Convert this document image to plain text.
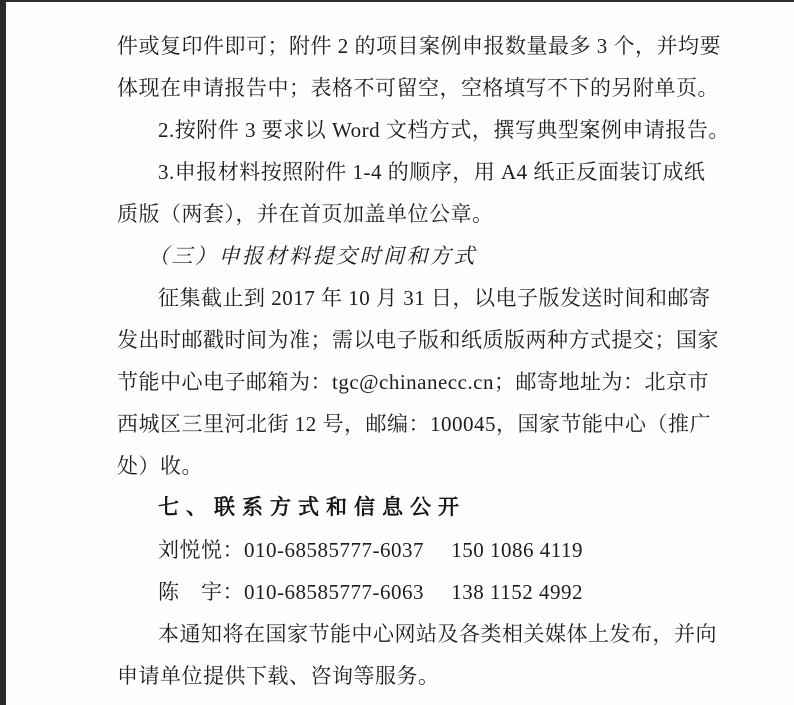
件或复印件即可；附件 2 的项目案例申报数量最多 3 个，并均要
体现在申请报告中；表格不可留空，空格填写不下的另附单页。
2.按附件 3 要求以 Word 文档方式，撰写典型案例申请报告。
3.申报材料按照附件 1-4 的顺序，用 A4 纸正反面装订成纸
质版（两套），并在首页加盖单位公章。
（三）申报材料提交时间和方式
征集截止到 2017 年 10 月 31 日，以电子版发送时间和邮寄
发出时邮戳时间为准；需以电子版和纸质版两种方式提交；国家
节能中心电子邮箱为：tgc@chinanecc.cn；邮寄地址为：北京市
西城区三里河北街 12 号，邮编：100045，国家节能中心（推广
处）收。
七、联系方式和信息公开
刘悦悦：010-68585777-6037　 150 1086 4119
陈　宇：010-68585777-6063　 138 1152 4992
本通知将在国家节能中心网站及各类相关媒体上发布，并向
申请单位提供下载、咨询等服务。
